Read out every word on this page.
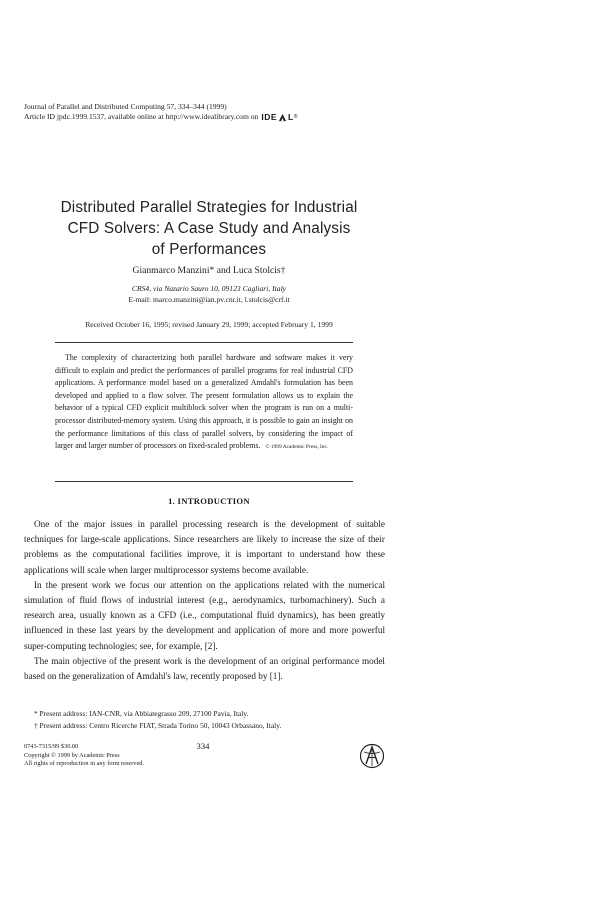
Journal of Parallel and Distributed Computing 57, 334–344 (1999)
Article ID jpdc.1999.1537, available online at http://www.idealibrary.com on IDE L ®
Distributed Parallel Strategies for Industrial
CFD Solvers: A Case Study and Analysis
of Performances
Gianmarco Manzini* and Luca Stolcis†
CRS4, via Nazario Sauro 10, 09123 Cagliari, Italy
E-mail: marco.manzini@ian.pv.cnr.it, l.stolcis@crf.it
Received October 16, 1995; revised January 29, 1999; accepted February 1, 1999
The complexity of characterizing both parallel hardware and software makes it very difficult to explain and predict the performances of parallel programs for real industrial CFD applications. A performance model based on a generalized Amdahl's formulation has been developed and applied to a flow solver. The present formulation allows us to explain the behavior of a typical CFD explicit multiblock solver when the program is run on a multi-processor distributed-memory system. Using this approach, it is possible to gain an insight on the performance limitations of this class of parallel solvers, by considering the impact of larger and larger number of processors on fixed-scaled problems. © 1999 Academic Press, Inc.
1. INTRODUCTION

One of the major issues in parallel processing research is the development of suitable techniques for large-scale applications. Since researchers are likely to increase the size of their problems as the computational facilities improve, it is important to understand how these applications will scale when larger multiprocessor systems become available.

In the present work we focus our attention on the applications related with the numerical simulation of fluid flows of industrial interest (e.g., aerodynamics, turbomachinery). Such a research area, usually known as a CFD (i.e., computational fluid dynamics), has been greatly influenced in these last years by the development and application of more and more powerful super-computing technologies; see, for example, [2].

The main objective of the present work is the development of an original performance model based on the generalization of Amdahl's law, recently proposed by [1].

* Present address: IAN-CNR, via Abbiategrasso 209, 27100 Pavia, Italy.
† Present address: Centro Ricerche FIAT, Strada Torino 50, 10043 Orbassano, Italy.
334
0743-7315/99 $30.00
Copyright © 1999 by Academic Press
All rights of reproduction in any form reserved.
